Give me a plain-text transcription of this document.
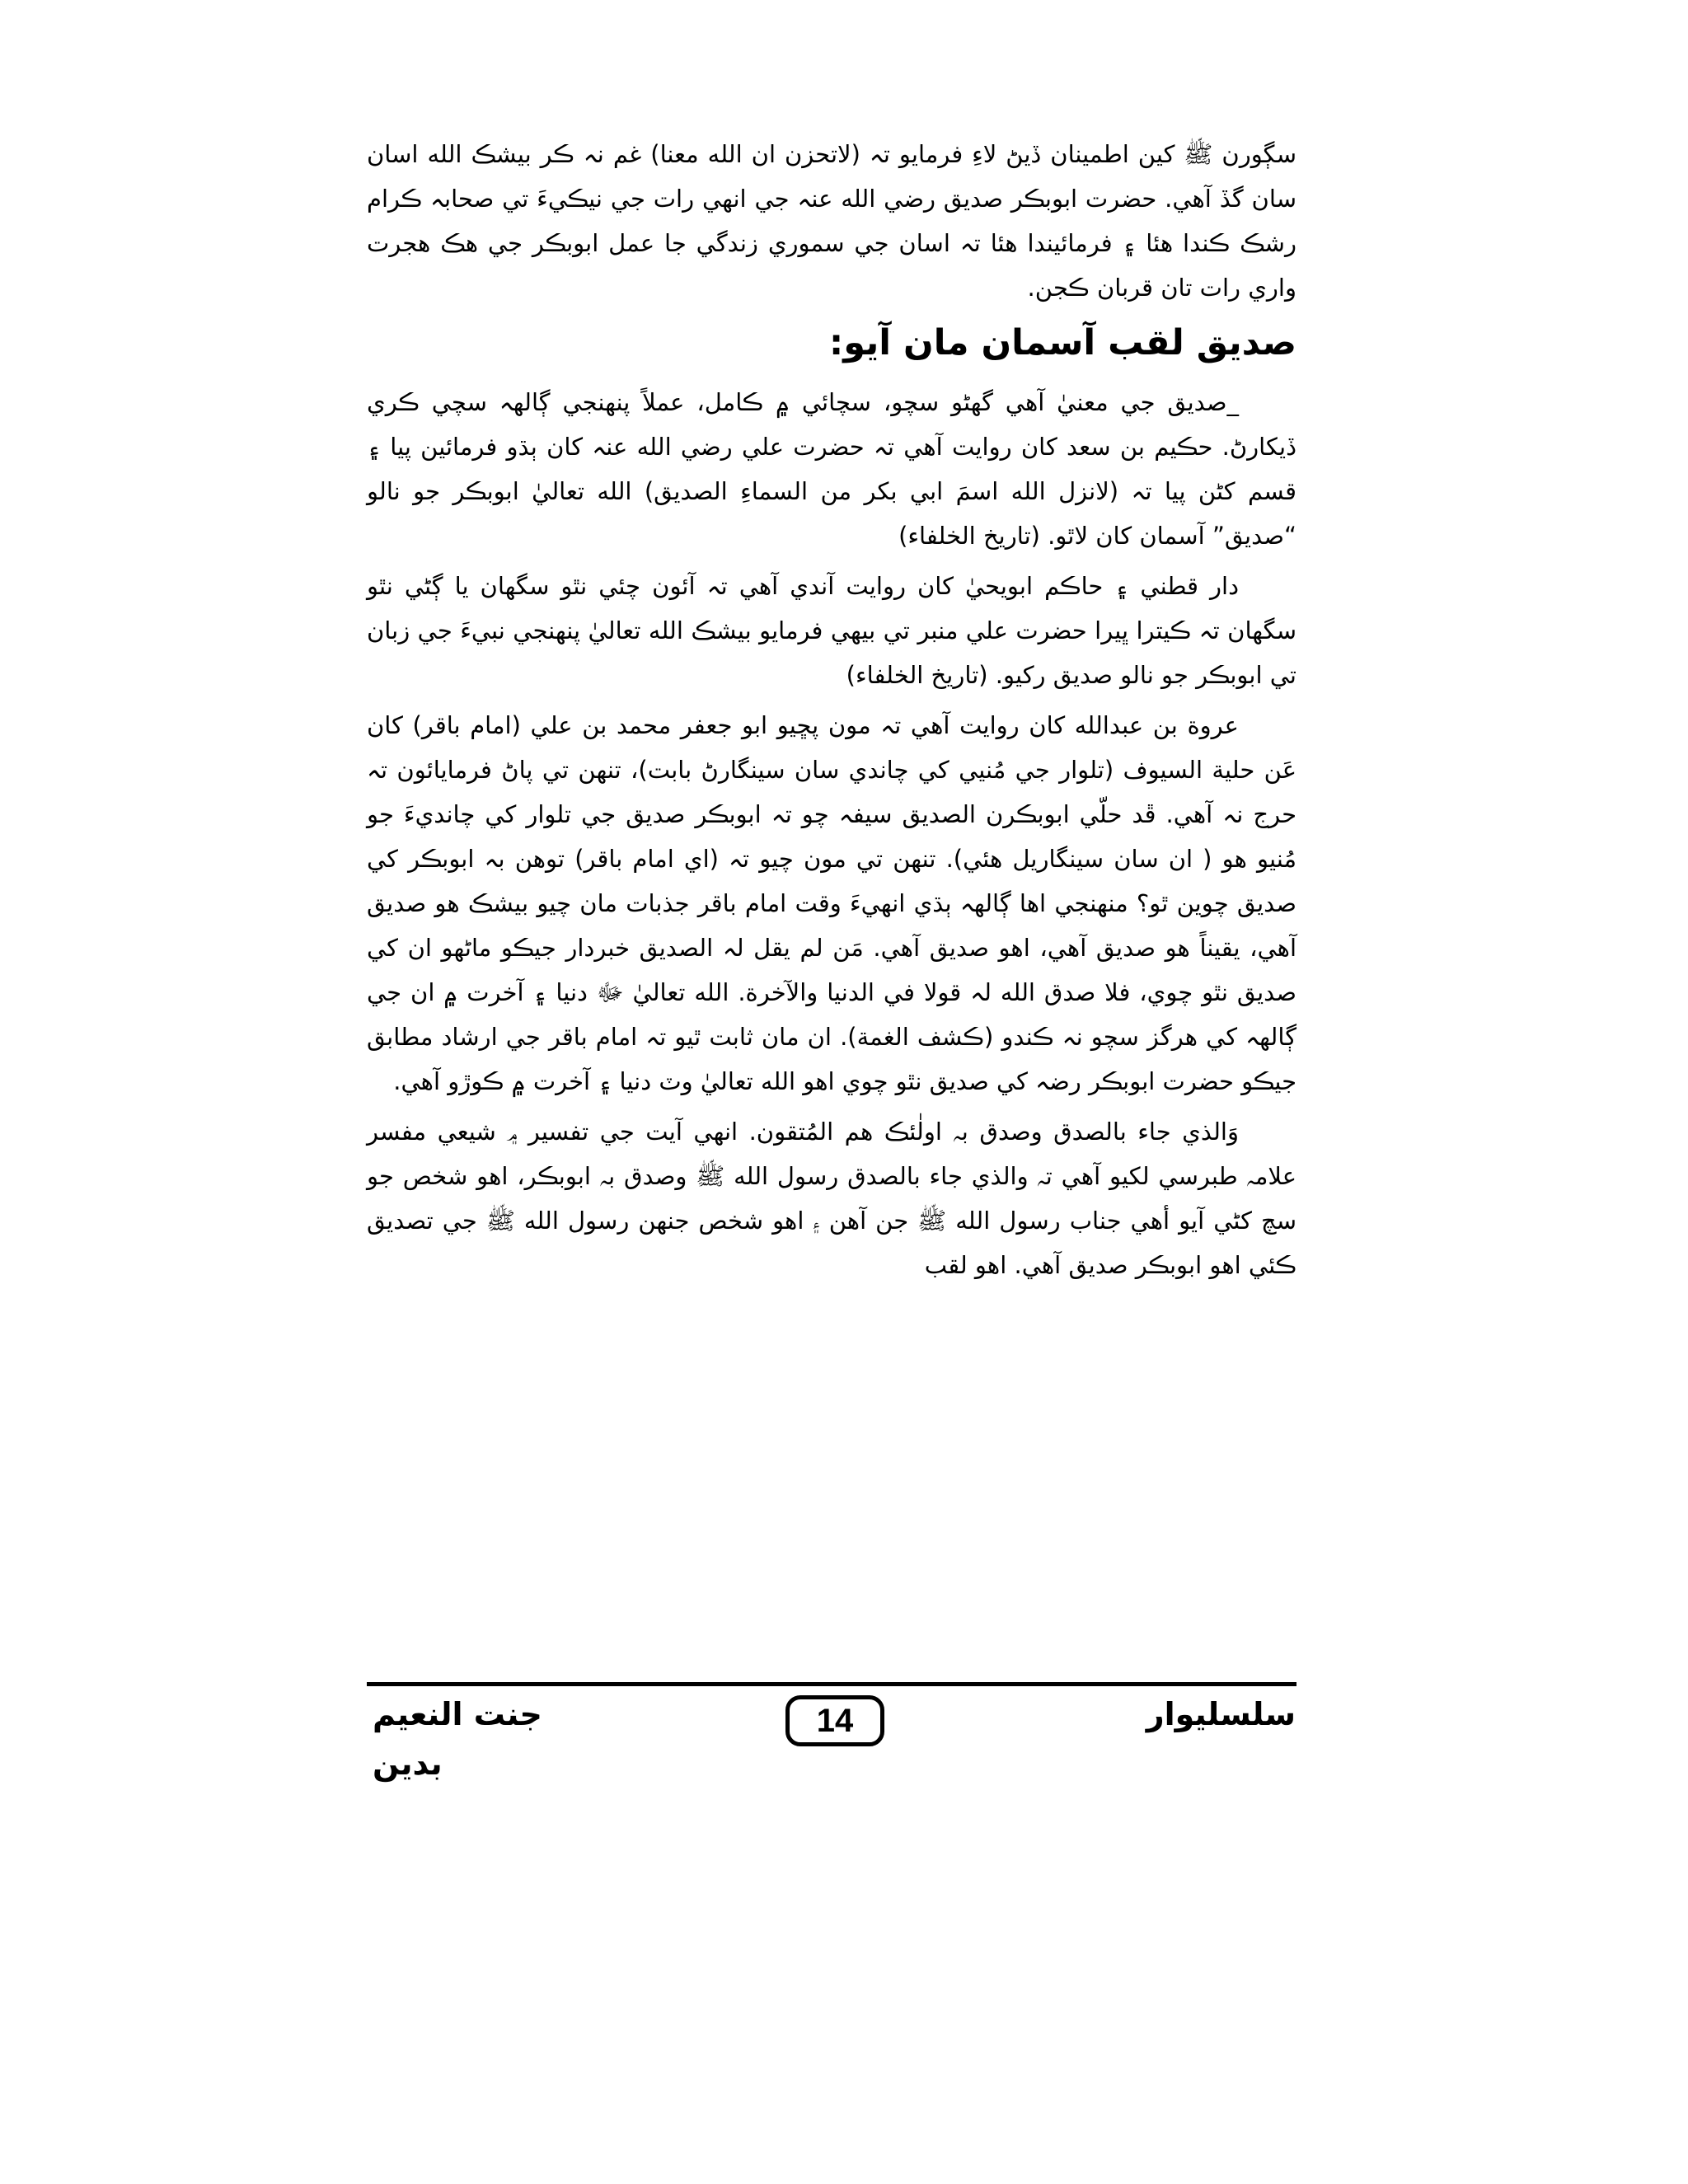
سڳورن ﷺ کين اطمينان ڏيڻ لاءِ فرمايو تہ (لاتحزن ان الله معنا) غم نہ ڪر بيشڪ الله اسان سان گڏ آهي. حضرت ابوبڪر صديق رضي الله عنہ جي انهي رات جي نيڪيءَ تي صحابہ ڪرام رشڪ ڪندا هئا ۽ فرمائيندا هئا تہ اسان جي سموري زندگي جا عمل ابوبڪر جي هڪ هجرت واري رات تان قربان ڪجن.

صديق لقب آسمان مان آيو:

_صديق جي معنيٰ آهي گهڻو سچو، سچائي ۾ ڪامل، عملاً پنهنجي ڳالهہ سچي ڪري ڏيکارڻ. حڪيم بن سعد کان روايت آهي تہ حضرت علي رضي الله عنہ کان ٻڌو فرمائين پيا ۽ قسم کڻن پيا تہ (لانزل الله اسمَ ابي بکر من السماءِ الصديق) الله تعاليٰ ابوبڪر جو نالو “صديق” آسمان کان لاٿو. (تاريخ الخلفاء)

دار قطني ۽ حاڪم ابويحيٰ کان روايت آندي آهي تہ آئون چئي نٿو سگهان يا ڳڻي نٿو سگهان تہ ڪيترا ڀيرا حضرت علي منبر تي بيهي فرمايو بيشڪ الله تعاليٰ پنهنجي نبيءَ جي زبان تي ابوبڪر جو نالو صديق رکيو. (تاريخ الخلفاء)

عروة بن عبدالله کان روايت آهي تہ مون پڇيو ابو جعفر محمد بن علي (امام باقر) کان عَن حلية السيوف (تلوار جي مُنيي کي چاندي سان سينگارڻ بابت)، تنهن تي پاڻ فرمايائون تہ حرج نہ آهي. ڦد حلّي ابوبڪرن الصديق سيفہ چو تہ ابوبڪر صديق جي تلوار کي چانديءَ جو مُنيو هو ( ان سان سينگاريل هئي). تنهن تي مون چيو تہ (اي امام باقر) توهن بہ ابوبڪر کي صديق چوين ٿو؟ منهنجي اها ڳالهہ ٻڌي انهيءَ وقت امام باقر جذبات مان چيو بيشڪ هو صديق آهي، يقيناً هو صديق آهي، اهو صديق آهي. مَن لم يقل لہ الصديق خبردار جيڪو ماڻهو ان کي صديق نٿو چوي، فلا صدق الله لہ قولا في الدنيا والآخرة. الله تعاليٰ ﷻ دنيا ۽ آخرت ۾ ان جي ڳالهہ کي هرگز سچو نہ ڪندو (ڪشف الغمة). ان مان ثابت ٿيو تہ امام باقر جي ارشاد مطابق جيڪو حضرت ابوبڪر رضہ کي صديق نٿو چوي اهو الله تعاليٰ وٽ دنيا ۽ آخرت ۾ ڪوڙو آهي.

وَالذي جاء بالصدق وصدق بہ اولٰئڪ هم المُتقون. انهي آيت جي تفسير ۾ شيعي مفسر علامہ طبرسي لکيو آهي تہ والذي جاء بالصدق رسول الله ﷺ وصدق بہ ابوبڪر، اهو شخص جو سچ کڻي آيو أهي جناب رسول الله ﷺ جن آهن ۽ اهو شخص جنهن رسول الله ﷺ جي تصديق ڪئي اهو ابوبڪر صديق آهي. اهو لقب

جنت النعيم بدين
14	سلسليوار
